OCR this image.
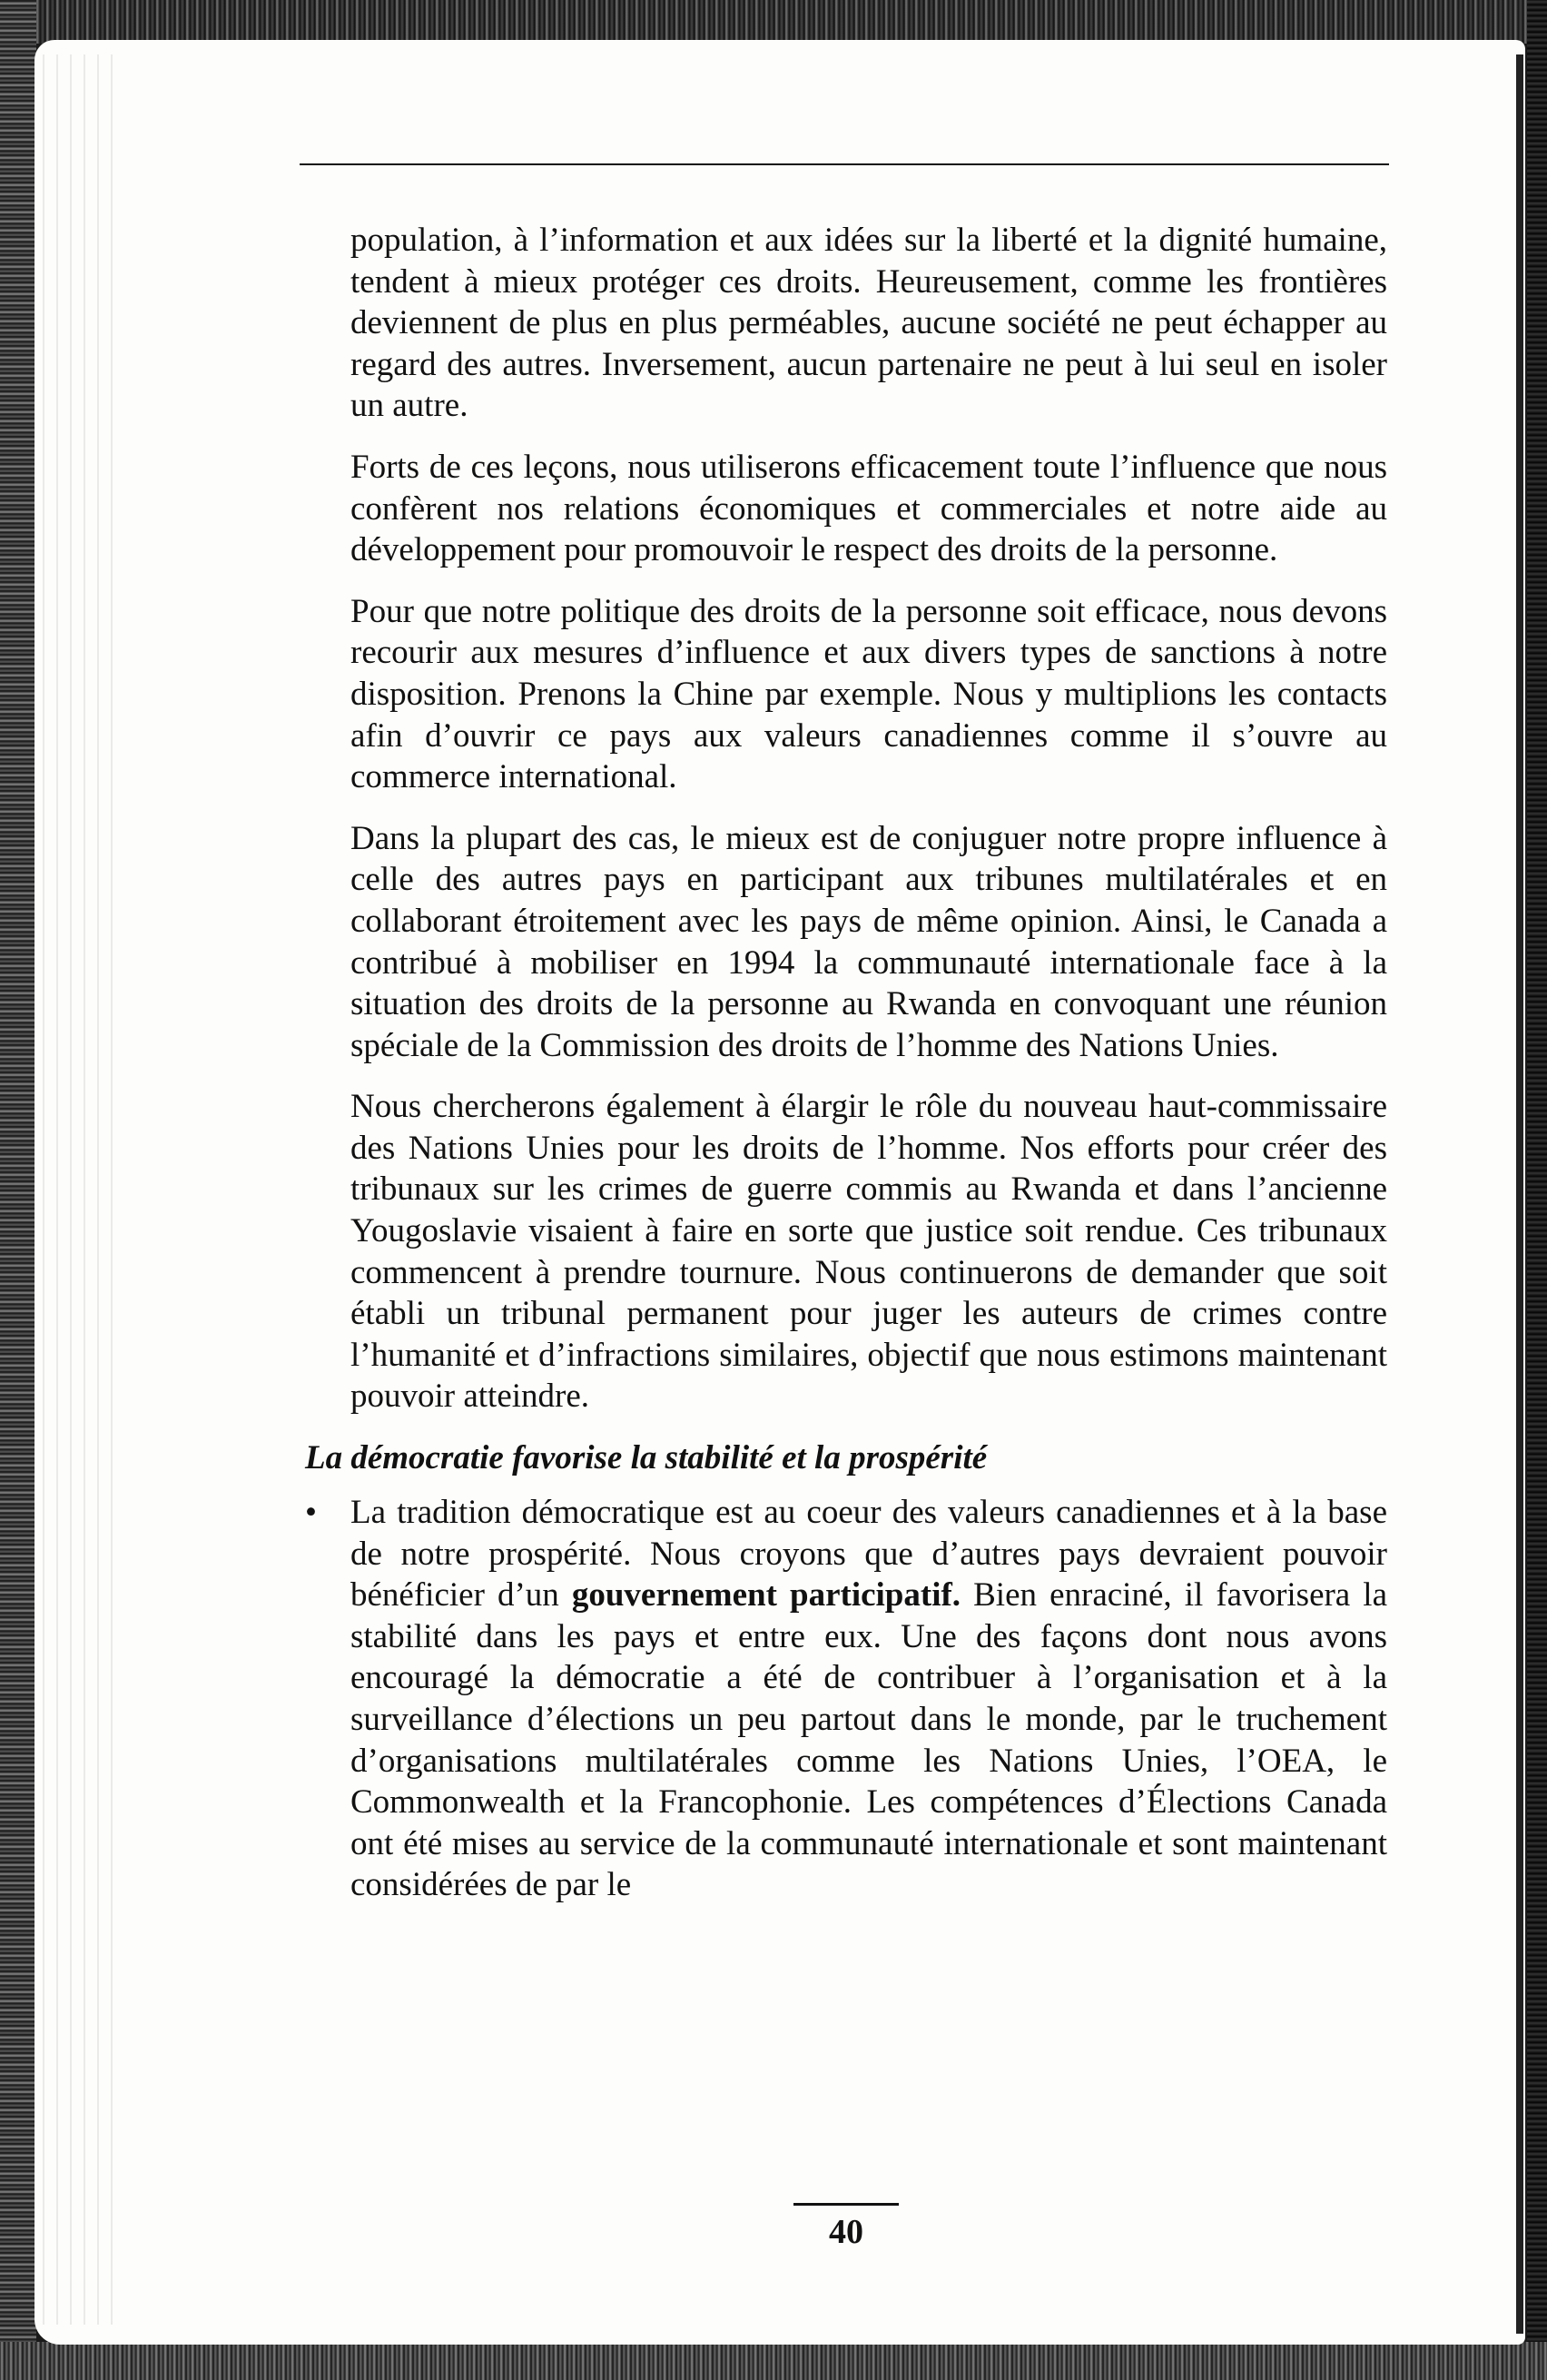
population, à l’information et aux idées sur la liberté et la dignité humaine, tendent à mieux protéger ces droits. Heureusement, comme les frontières deviennent de plus en plus perméables, aucune société ne peut échapper au regard des autres. Inversement, aucun partenaire ne peut à lui seul en isoler un autre.

Forts de ces leçons, nous utiliserons efficacement toute l’influence que nous confèrent nos relations économiques et commerciales et notre aide au développement pour promouvoir le respect des droits de la personne.

Pour que notre politique des droits de la personne soit efficace, nous devons recourir aux mesures d’influence et aux divers types de sanctions à notre disposition. Prenons la Chine par exemple. Nous y multiplions les contacts afin d’ouvrir ce pays aux valeurs canadiennes comme il s’ouvre au commerce international.

Dans la plupart des cas, le mieux est de conjuguer notre propre influence à celle des autres pays en participant aux tribunes multilatérales et en collaborant étroitement avec les pays de même opinion. Ainsi, le Canada a contribué à mobiliser en 1994 la communauté internationale face à la situation des droits de la personne au Rwanda en convoquant une réunion spéciale de la Commission des droits de l’homme des Nations Unies.

Nous chercherons également à élargir le rôle du nouveau haut-commissaire des Nations Unies pour les droits de l’homme. Nos efforts pour créer des tribunaux sur les crimes de guerre commis au Rwanda et dans l’ancienne Yougoslavie visaient à faire en sorte que justice soit rendue. Ces tribunaux commencent à prendre tournure. Nous continuerons de demander que soit établi un tribunal permanent pour juger les auteurs de crimes contre l’humanité et d’infractions similaires, objectif que nous estimons maintenant pouvoir atteindre.

La démocratie favorise la stabilité et la prospérité

• La tradition démocratique est au coeur des valeurs canadiennes et à la base de notre prospérité. Nous croyons que d’autres pays devraient pouvoir bénéficier d’un gouvernement participatif. Bien enraciné, il favorisera la stabilité dans les pays et entre eux. Une des façons dont nous avons encouragé la démocratie a été de contribuer à l’organisation et à la surveillance d’élections un peu partout dans le monde, par le truchement d’organisations multilatérales comme les Nations Unies, l’OEA, le Commonwealth et la Francophonie. Les compétences d’Élections Canada ont été mises au service de la communauté internationale et sont maintenant considérées de par le

40
